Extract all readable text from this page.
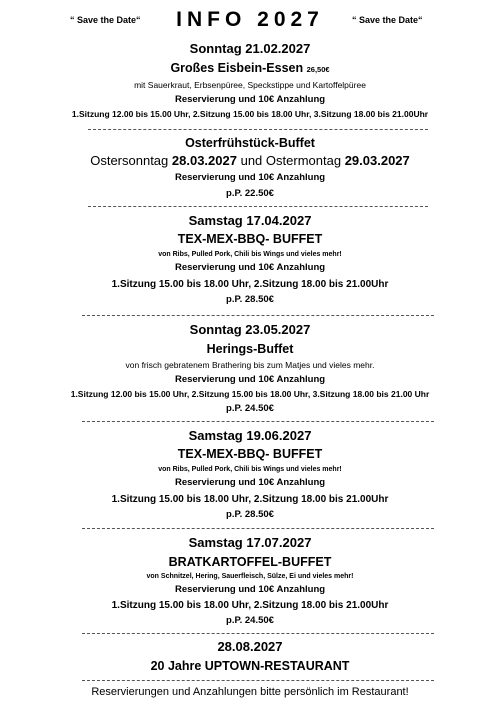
“ Save the Date“	INFO 2027	“ Save the Date“
Sonntag 21.02.2027
Großes Eisbein-Essen 26,50€
mit Sauerkraut, Erbsenpüree, Speckstippe und Kartoffelpüree
Reservierung und 10€ Anzahlung
1.Sitzung 12.00 bis 15.00 Uhr, 2.Sitzung 15.00 bis 18.00 Uhr, 3.Sitzung 18.00 bis 21.00Uhr
Osterfrühstück-Buffet
Ostersonntag 28.03.2027 und Ostermontag 29.03.2027
Reservierung und 10€ Anzahlung
p.P. 22.50€
Samstag 17.04.2027
TEX-MEX-BBQ- BUFFET
von Ribs, Pulled Pork, Chili bis Wings und vieles mehr!
Reservierung und 10€ Anzahlung
1.Sitzung 15.00 bis 18.00 Uhr, 2.Sitzung 18.00 bis 21.00Uhr
p.P. 28.50€
Sonntag 23.05.2027
Herings-Buffet
von frisch gebratenem Brathering bis zum Matjes und vieles mehr.
Reservierung und 10€ Anzahlung
1.Sitzung 12.00 bis 15.00 Uhr, 2.Sitzung 15.00 bis 18.00 Uhr, 3.Sitzung 18.00 bis 21.00 Uhr
p.P. 24.50€
Samstag 19.06.2027
TEX-MEX-BBQ- BUFFET
von Ribs, Pulled Pork, Chili bis Wings und vieles mehr!
Reservierung und 10€ Anzahlung
1.Sitzung 15.00 bis 18.00 Uhr, 2.Sitzung 18.00 bis 21.00Uhr
p.P. 28.50€
Samstag 17.07.2027
BRATKARTOFFEL-BUFFET
von Schnitzel, Hering, Sauerfleisch, Sülze, Ei und vieles mehr!
Reservierung und 10€ Anzahlung
1.Sitzung 15.00 bis 18.00 Uhr, 2.Sitzung 18.00 bis 21.00Uhr
p.P. 24.50€
28.08.2027
20 Jahre UPTOWN-RESTAURANT
Reservierungen und Anzahlungen bitte persönlich im Restaurant!
